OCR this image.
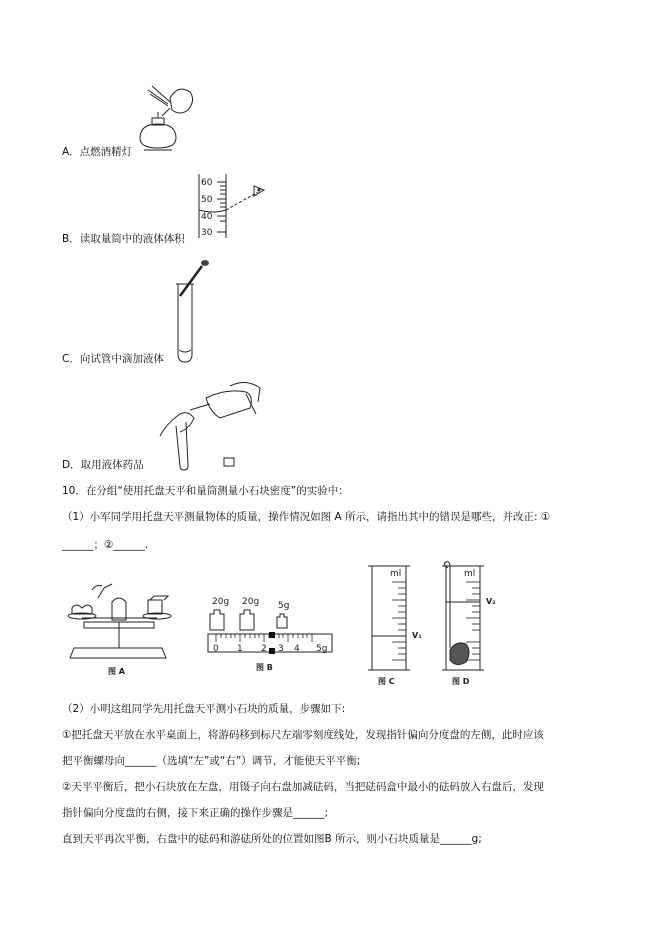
A．点燃酒精灯
60
50
40
30
B．读取量筒中的液体体积
C．向试管中滴加液体
D．取用液体药品
10．在分组“使用托盘天平和量筒测量小石块密度”的实验中：
（1）小军同学用托盘天平测量物体的质量，操作情况如图 A 所示，请指出其中的错误是哪些，并改正: ①
______；②______.
图 A
20g 20g 5g
0 1 2 3 4 5g
图 B
ml
V₁
图 C
ml
V₂
图 D
（2）小明这组同学先用托盘天平测小石块的质量，步骤如下:
①把托盘天平放在水平桌面上，将游码移到标尺左端零刻度线处，发现指针偏向分度盘的左侧，此时应该
把平衡螺母向______（选填“左”或“右”）调节，才能使天平平衡;
②天平平衡后，把小石块放在左盘，用镊子向右盘加减砝码，当把砝码盒中最小的砝码放入右盘后，发现
指针偏向分度盘的右侧，接下来正确的操作步骤是______;
直到天平再次平衡，右盘中的砝码和游砝所处的位置如图B 所示，则小石块质量是______g;
